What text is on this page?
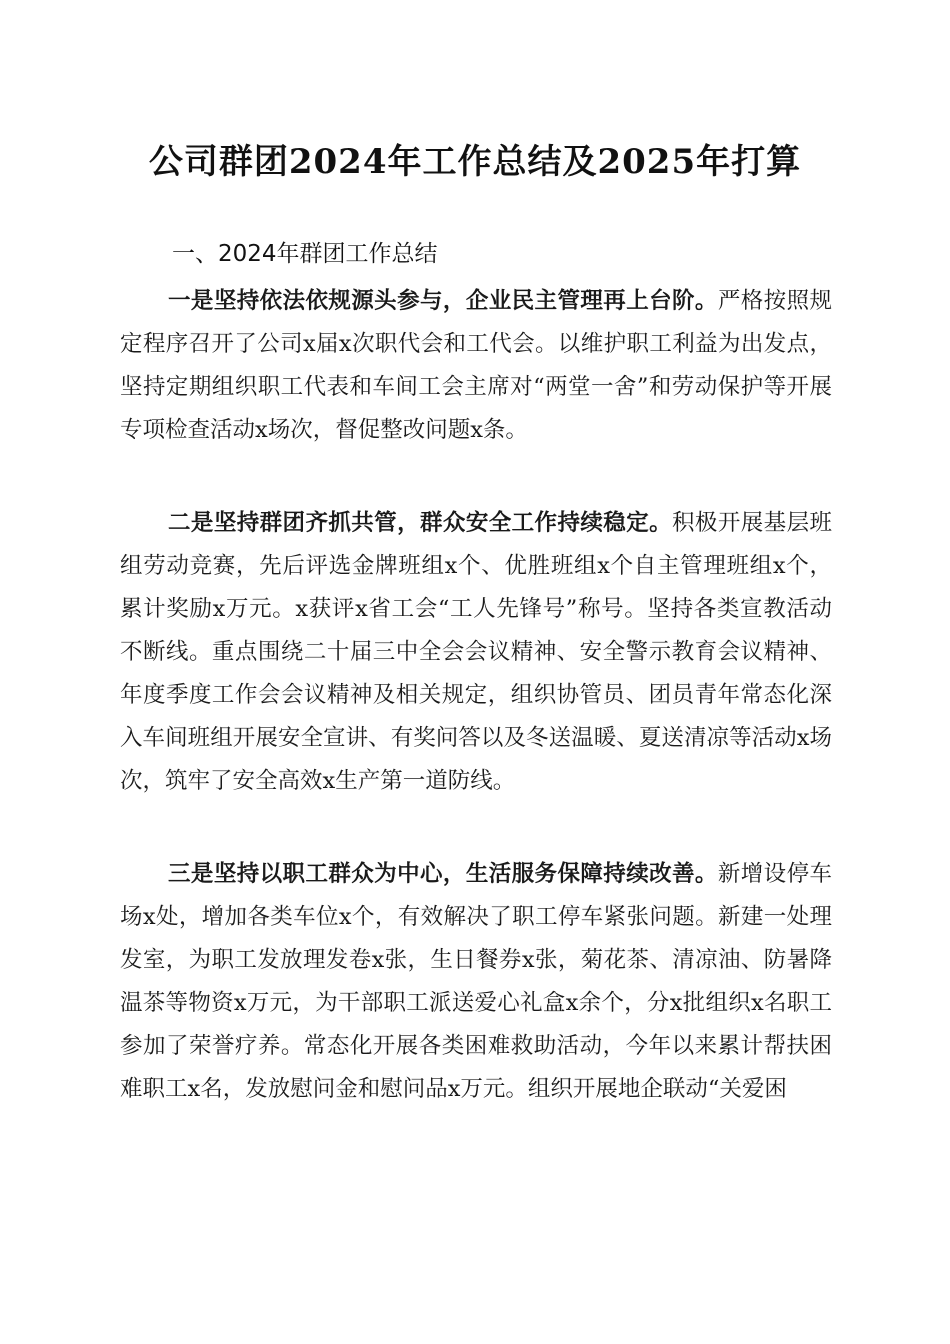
公司群团2024年工作总结及2025年打算
一、2024年群团工作总结

一是坚持依法依规源头参与，企业民主管理再上台阶。严格按照规定程序召开了公司x届x次职代会和工代会。以维护职工利益为出发点，坚持定期组织职工代表和车间工会主席对“两堂一舍”和劳动保护等开展专项检查活动x场次，督促整改问题x条。

二是坚持群团齐抓共管，群众安全工作持续稳定。积极开展基层班组劳动竞赛，先后评选金牌班组x个、优胜班组x个自主管理班组x个，累计奖励x万元。x获评x省工会“工人先锋号”称号。坚持各类宣教活动不断线。重点围绕二十届三中全会会议精神、安全警示教育会议精神、年度季度工作会会议精神及相关规定，组织协管员、团员青年常态化深入车间班组开展安全宣讲、有奖问答以及冬送温暖、夏送清凉等活动x场次，筑牢了安全高效x生产第一道防线。

三是坚持以职工群众为中心，生活服务保障持续改善。新增设停车场x处，增加各类车位x个，有效解决了职工停车紧张问题。新建一处理发室，为职工发放理发卷x张，生日餐券x张，菊花茶、清凉油、防暑降温茶等物资x万元，为干部职工派送爱心礼盒x余个，分x批组织x名职工参加了荣誉疗养。常态化开展各类困难救助活动，今年以来累计帮扶困难职工x名，发放慰问金和慰问品x万元。组织开展地企联动“关爱困
